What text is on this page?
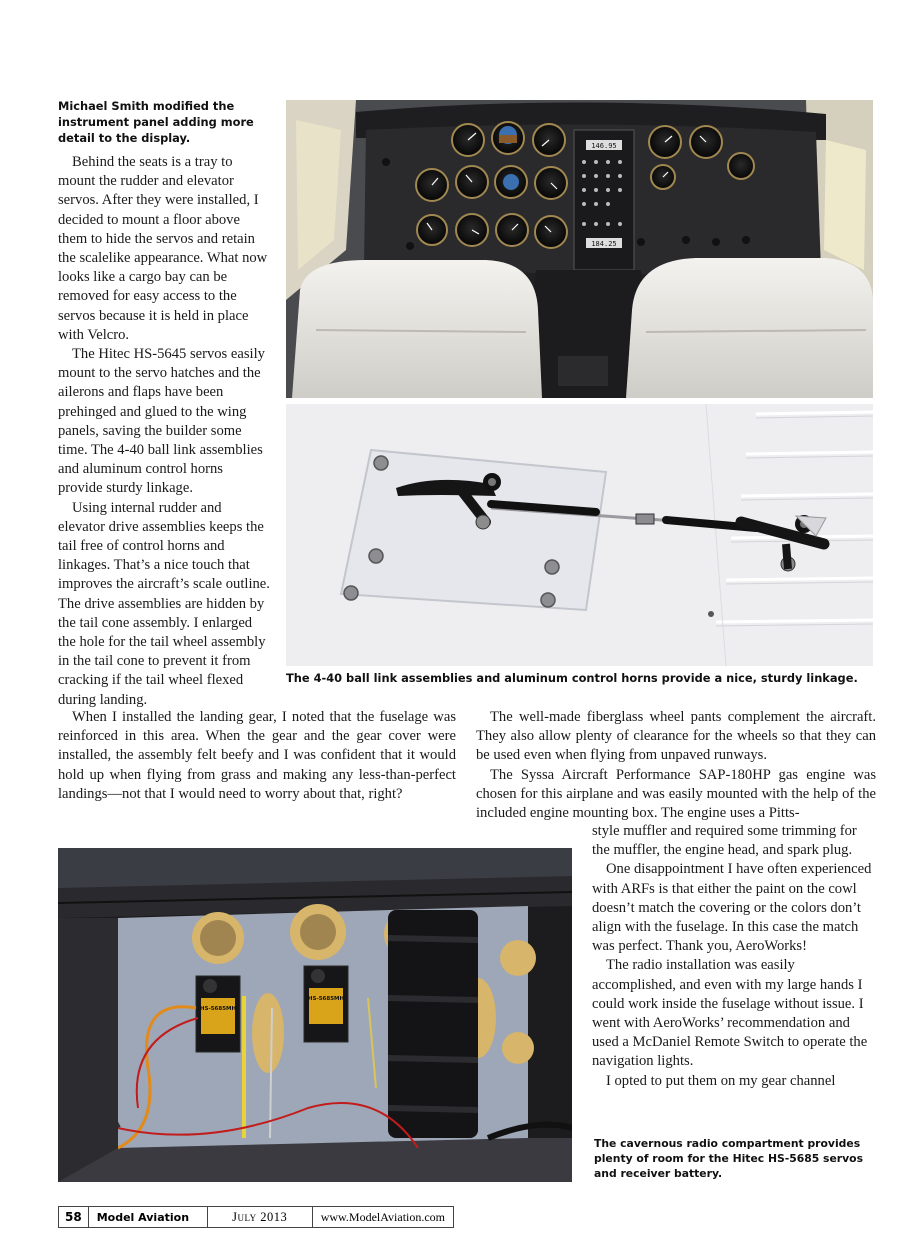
Michael Smith modified the instrument panel adding more detail to the display.
146.95
184.25
The 4-40 ball link assemblies and aluminum control horns provide a nice, sturdy linkage.

Behind the seats is a tray to mount the rudder and elevator servos. After they were installed, I decided to mount a floor above them to hide the servos and retain the scalelike appearance. What now looks like a cargo bay can be removed for easy access to the servos because it is held in place with Velcro.

The Hitec HS-5645 servos easily mount to the servo hatches and the ailerons and flaps have been prehinged and glued to the wing panels, saving the builder some time. The 4-40 ball link assemblies and aluminum control horns provide sturdy linkage.

Using internal rudder and elevator drive assemblies keeps the tail free of control horns and linkages. That’s a nice touch that improves the aircraft’s scale outline. The drive assemblies are hidden by the tail cone assembly. I enlarged the hole for the tail wheel assembly in the tail cone to prevent it from cracking if the tail wheel flexed during landing.

When I installed the landing gear, I noted that the fuselage was reinforced in this area. When the gear and the gear cover were installed, the assembly felt beefy and I was confident that it would hold up when flying from grass and making any less-than-perfect landings—not that I would need to worry about that, right?

The well-made fiberglass wheel pants complement the aircraft. They also allow plenty of clearance for the wheels so that they can be used even when flying from unpaved runways.

The Syssa Aircraft Performance SAP-180HP gas engine was chosen for this airplane and was easily mounted with the help of the included engine mounting box. The engine uses a Pitts-

style muffler and required some trimming for the muffler, the engine head, and spark plug.

One disappointment I have often experienced with ARFs is that either the paint on the cowl doesn’t match the covering or the colors don’t align with the fuselage. In this case the match was perfect. Thank you, AeroWorks!

The radio installation was easily accomplished, and even with my large hands I could work inside the fuselage without issue. I went with AeroWorks’ recommendation and used a McDaniel Remote Switch to operate the navigation lights.

I opted to put them on my gear channel

HS-5685MH
HS-5685MH
The cavernous radio compartment provides plenty of room for the Hitec HS-5685 servos and receiver battery.
58	Model Aviation	July 2013	www.ModelAviation.com
